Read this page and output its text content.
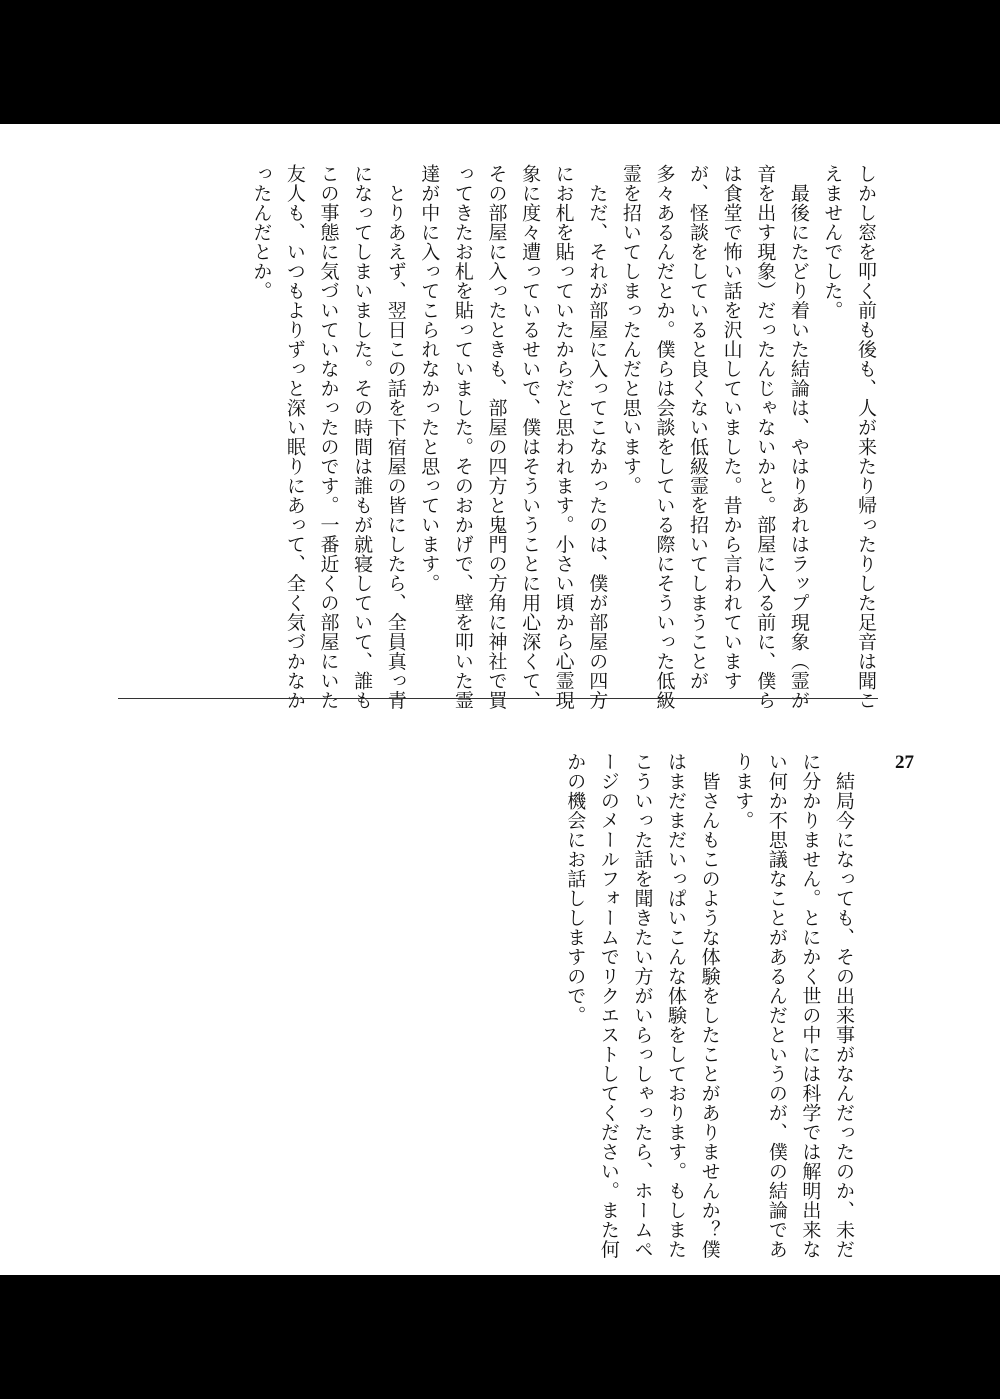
しかし窓を叩く前も後も、人が来たり帰ったりした足音は聞こえませんでした。

　最後にたどり着いた結論は、やはりあれはラップ現象（霊が音を出す現象）だったんじゃないかと。部屋に入る前に、僕らは食堂で怖い話を沢山していました。昔から言われていますが、怪談をしていると良くない低級霊を招いてしまうことが多々あるんだとか。僕らは会談をしている際にそういった低級霊を招いてしまったんだと思います。

　ただ、それが部屋に入ってこなかったのは、僕が部屋の四方にお札を貼っていたからだと思われます。小さい頃から心霊現象に度々遭っているせいで、僕はそういうことに用心深くて、その部屋に入ったときも、部屋の四方と鬼門の方角に神社で買ってきたお札を貼っていました。そのおかげで、壁を叩いた霊達が中に入ってこられなかったと思っています。

　とりあえず、翌日この話を下宿屋の皆にしたら、全員真っ青になってしまいました。その時間は誰もが就寝していて、誰もこの事態に気づいていなかったのです。一番近くの部屋にいた友人も、いつもよりずっと深い眠りにあって、全く気づかなかったんだとか。

27

　結局今になっても、その出来事がなんだったのか、未だに分かりません。とにかく世の中には科学では解明出来ない何か不思議なことがあるんだというのが、僕の結論であります。

　皆さんもこのような体験をしたことがありませんか？僕はまだまだいっぱいこんな体験をしております。もしまたこういった話を聞きたい方がいらっしゃったら、ホームページのメールフォームでリクエストしてください。また何かの機会にお話ししますので。
